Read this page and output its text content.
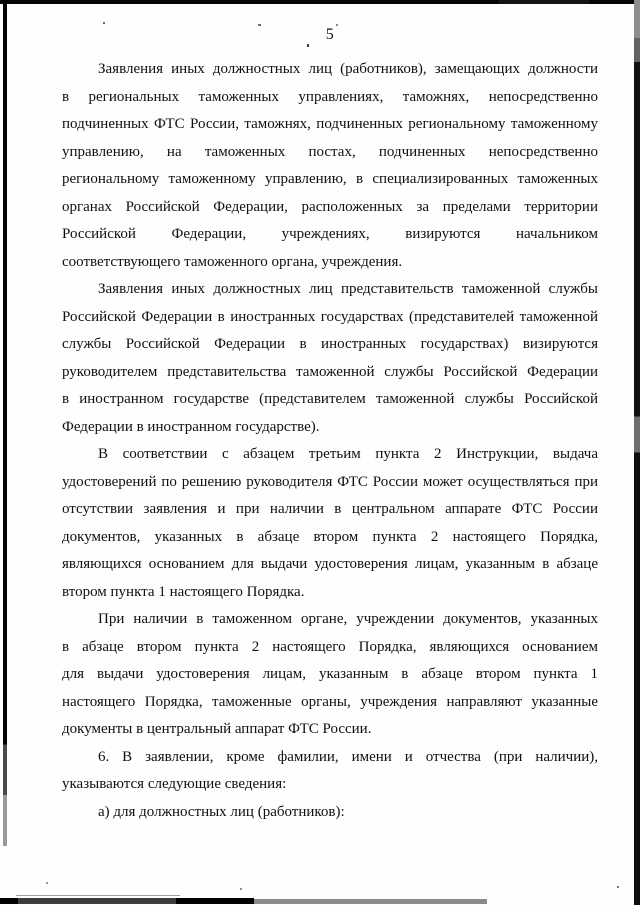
5
Заявления иных должностных лиц (работников), замещающих должности
в региональных таможенных управлениях, таможнях, непосредственно
подчиненных ФТС России, таможнях, подчиненных региональному таможенному
управлению, на таможенных постах, подчиненных непосредственно
региональному таможенному управлению, в специализированных таможенных
органах Российской Федерации, расположенных за пределами территории
Российской Федерации, учреждениях, визируются начальником
соответствующего таможенного органа, учреждения.
Заявления иных должностных лиц представительств таможенной службы
Российской Федерации в иностранных государствах (представителей таможенной
службы Российской Федерации в иностранных государствах) визируются
руководителем представительства таможенной службы Российской Федерации
в иностранном государстве (представителем таможенной службы Российской
Федерации в иностранном государстве).
В соответствии с абзацем третьим пункта 2 Инструкции, выдача
удостоверений по решению руководителя ФТС России может осуществляться при
отсутствии заявления и при наличии в центральном аппарате ФТС России
документов, указанных в абзаце втором пункта 2 настоящего Порядка,
являющихся основанием для выдачи удостоверения лицам, указанным в абзаце
втором пункта 1 настоящего Порядка.
При наличии в таможенном органе, учреждении документов, указанных
в абзаце втором пункта 2 настоящего Порядка, являющихся основанием
для выдачи удостоверения лицам, указанным в абзаце втором пункта 1
настоящего Порядка, таможенные органы, учреждения направляют указанные
документы в центральный аппарат ФТС России.
6. В заявлении, кроме фамилии, имени и отчества (при наличии),
указываются следующие сведения:
а) для должностных лиц (работников):
